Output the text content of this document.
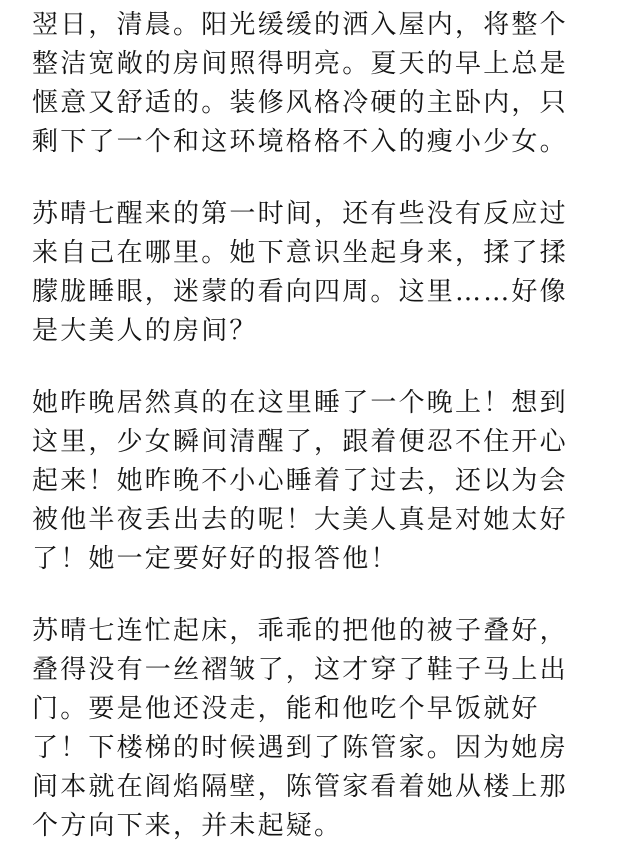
翌日，清晨。阳光缓缓的洒入屋内，将整个
整洁宽敞的房间照得明亮。夏天的早上总是
惬意又舒适的。装修风格冷硬的主卧内，只
剩下了一个和这环境格格不入的瘦小少女。
苏晴七醒来的第一时间，还有些没有反应过
来自己在哪里。她下意识坐起身来，揉了揉
朦胧睡眼，迷蒙的看向四周。这里……好像
是大美人的房间？
她昨晚居然真的在这里睡了一个晚上！想到
这里，少女瞬间清醒了，跟着便忍不住开心
起来！她昨晚不小心睡着了过去，还以为会
被他半夜丢出去的呢！大美人真是对她太好
了！她一定要好好的报答他！
苏晴七连忙起床，乖乖的把他的被子叠好，
叠得没有一丝褶皱了，这才穿了鞋子马上出
门。要是他还没走，能和他吃个早饭就好
了！下楼梯的时候遇到了陈管家。因为她房
间本就在阎焰隔壁，陈管家看着她从楼上那
个方向下来，并未起疑。
